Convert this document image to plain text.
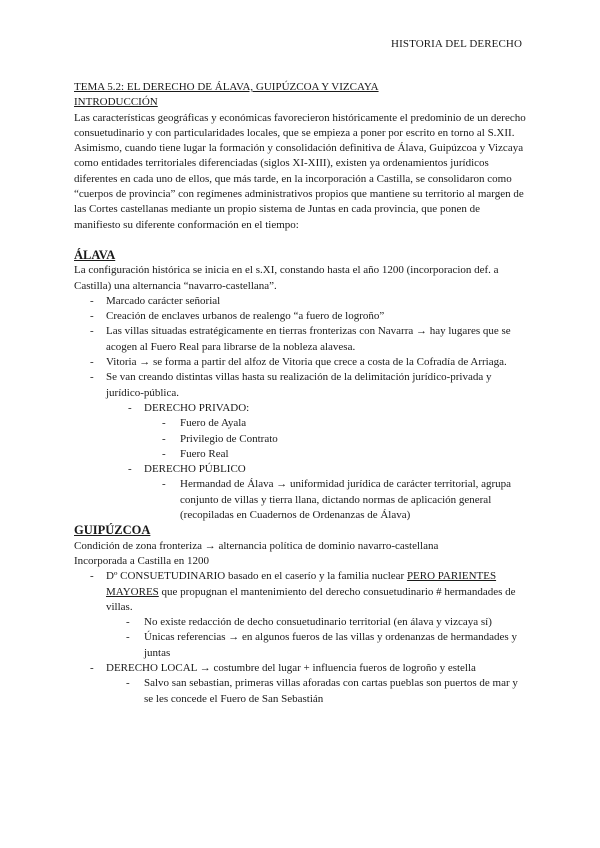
HISTORIA DEL DERECHO

TEMA 5.2: EL DERECHO DE ÁLAVA, GUIPÚZCOA Y VIZCAYA

INTRODUCCIÓN

Las características geográficas y económicas favorecieron históricamente el predominio de un derecho consuetudinario y con particularidades locales, que se empieza a poner por escrito en torno al S.XII. Asimismo, cuando tiene lugar la formación y consolidación definitiva de Álava, Guipúzcoa y Vizcaya como entidades territoriales diferenciadas (siglos XI-XIII), existen ya ordenamientos jurídicos diferentes en cada uno de ellos, que más tarde, en la incorporación a Castilla, se consolidaron como “cuerpos de provincia” con regímenes administrativos propios que mantiene su territorio al margen de las Cortes castellanas mediante un propio sistema de Juntas en cada provincia, que ponen de manifiesto su diferente conformación en el tiempo:

ÁLAVA

La configuración histórica se inicia en el s.XI, constando hasta el año 1200 (incorporacion def. a Castilla) una alternancia “navarro-castellana”.

- Marcado carácter señorial
- Creación de enclaves urbanos de realengo “a fuero de logroño”
- Las villas situadas estratégicamente en tierras fronterizas con Navarra → hay lugares que se acogen al Fuero Real para librarse de la nobleza alavesa.
- Vitoria → se forma a partir del alfoz de Vitoria que crece a costa de la Cofradía de Arriaga.
- Se van creando distintas villas hasta su realización de la delimitación jurídico-privada y jurídico-pública.
- DERECHO PRIVADO:
- Fuero de Ayala
- Privilegio de Contrato
- Fuero Real
- DERECHO PÚBLICO
- Hermandad de Álava → uniformidad jurídica de carácter territorial, agrupa conjunto de villas y tierra llana, dictando normas de aplicación general (recopiladas en Cuadernos de Ordenanzas de Álava)

GUIPÚZCOA

Condición de zona fronteriza → alternancia política de dominio navarro-castellana

Incorporada a Castilla en 1200

- Dº CONSUETUDINARIO basado en el caserío y la familia nuclear PERO PARIENTES MAYORES que propugnan el mantenimiento del derecho consuetudinario # hermandades de villas.
- No existe redacción de decho consuetudinario territorial (en álava y vizcaya sí)
- Únicas referencias → en algunos fueros de las villas y ordenanzas de hermandades y juntas
- DERECHO LOCAL → costumbre del lugar + influencia fueros de logroño y estella
- Salvo san sebastian, primeras villas aforadas con cartas pueblas son puertos de mar y se les concede el Fuero de San Sebastián
